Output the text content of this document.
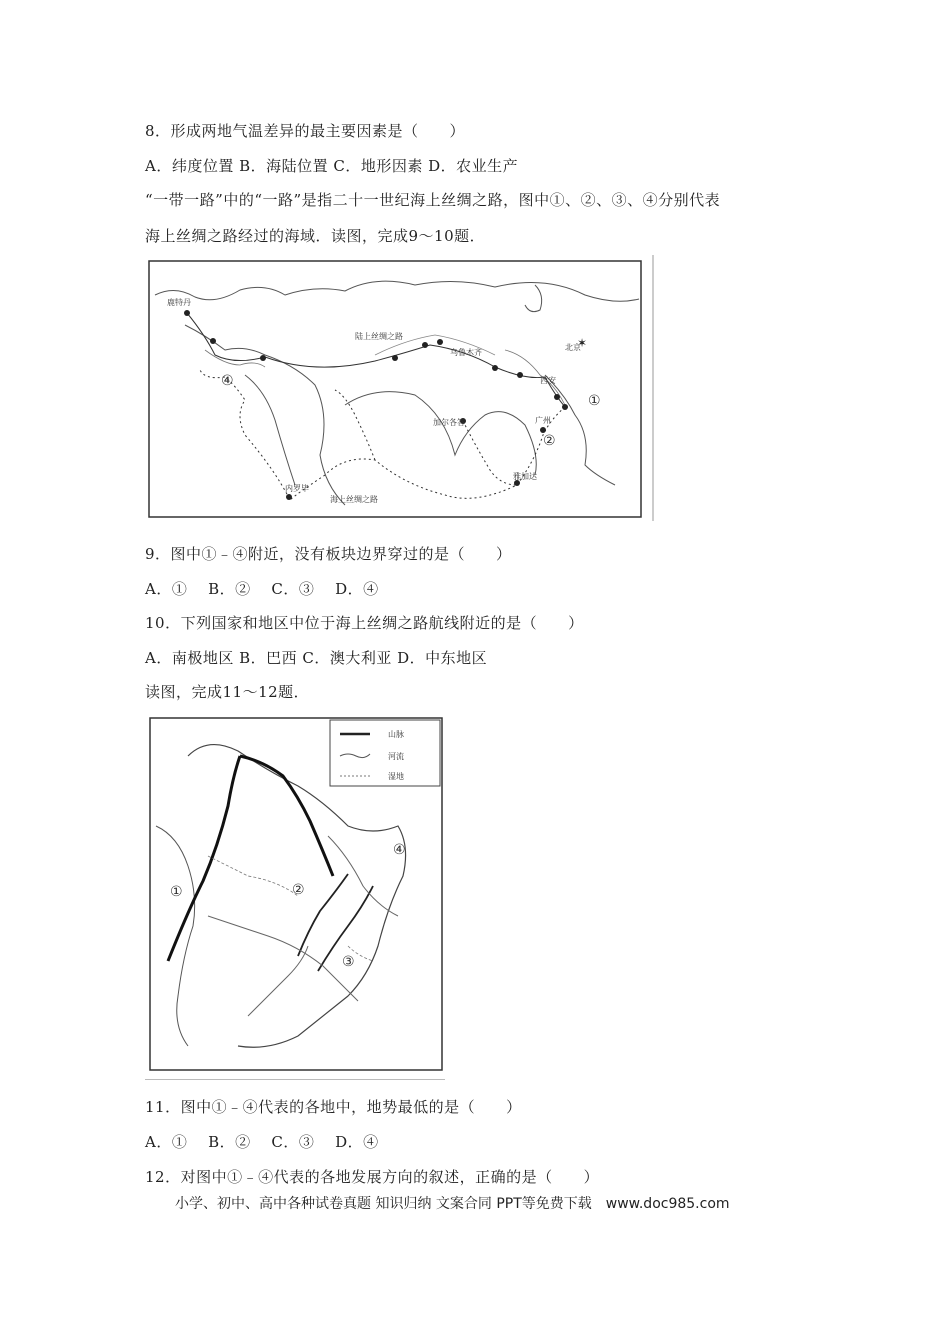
8．形成两地气温差异的最主要因素是（　　）
A．纬度位置 B．海陆位置 C．地形因素 D．农业生产
“一带一路”中的“一路”是指二十一世纪海上丝绸之路，图中①、②、③、④分别代表
海上丝绸之路经过的海域．读图，完成9～10题．
✶
鹿特丹
陆上丝绸之路
乌鲁木齐
北京
西安
广州
加尔各答
内罗毕
海上丝绸之路
雅加达
①
②
④
9．图中①﹣④附近，没有板块边界穿过的是（　　）
A．①　 B．②　 C．③　 D．④
10．下列国家和地区中位于海上丝绸之路航线附近的是（　　）
A．南极地区 B．巴西 C．澳大利亚 D．中东地区
读图，完成11～12题．
山脉
河流
湿地
①	②
③
④
11．图中①﹣④代表的各地中，地势最低的是（　　）
A．①　 B．②　 C．③　 D．④
12．对图中①﹣④代表的各地发展方向的叙述，正确的是（　　）
小学、初中、高中各种试卷真题 知识归纳 文案合同 PPT等免费下载　www.doc985.com
